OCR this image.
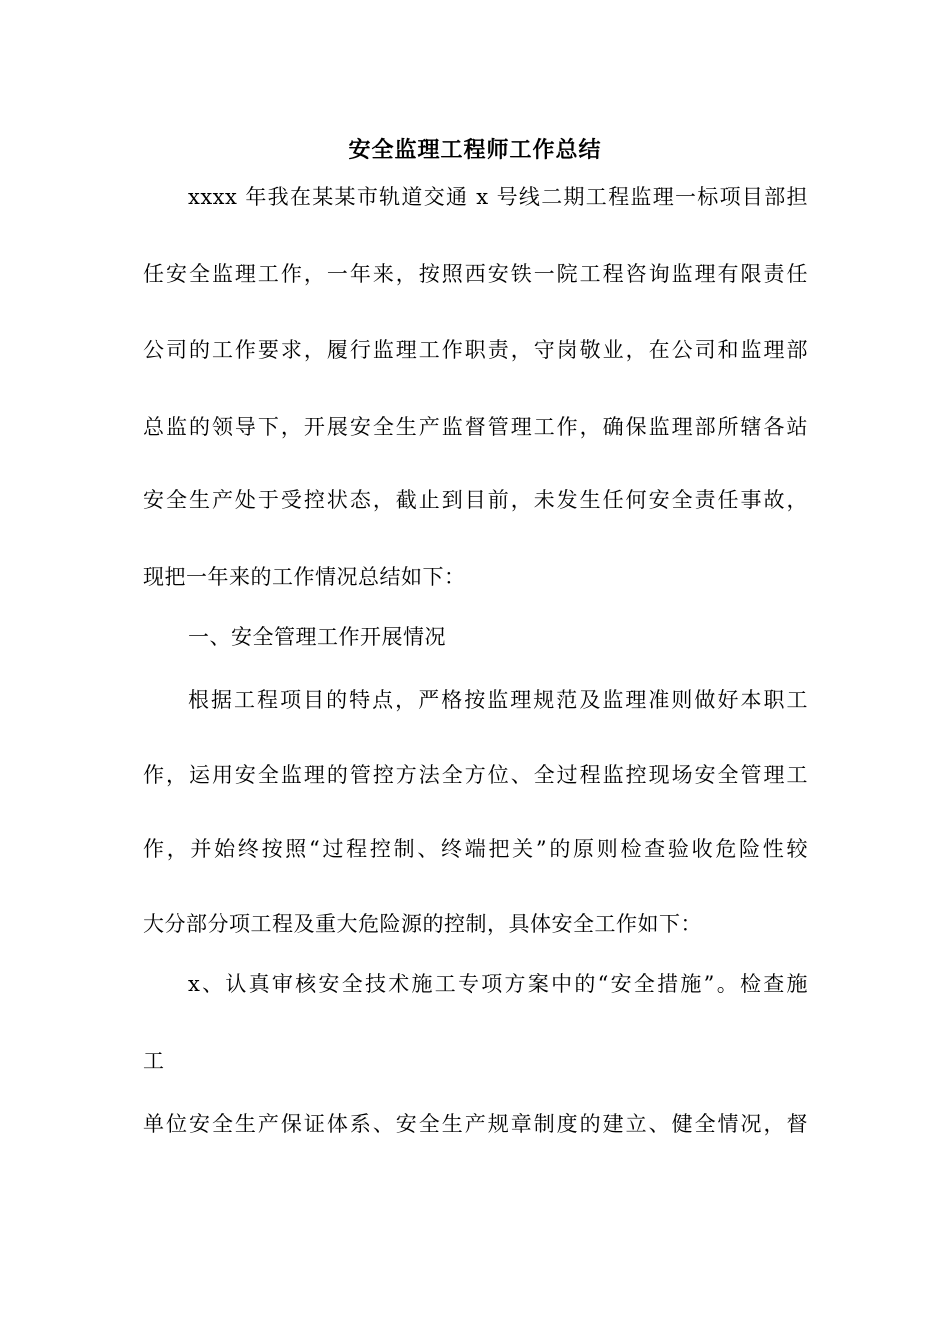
安全监理工程师工作总结
xxxx 年我在某某市轨道交通 x 号线二期工程监理一标项目部担
任安全监理工作，一年来，按照西安铁一院工程咨询监理有限责任
公司的工作要求，履行监理工作职责，守岗敬业，在公司和监理部
总监的领导下，开展安全生产监督管理工作，确保监理部所辖各站
安全生产处于受控状态，截止到目前，未发生任何安全责任事故，
现把一年来的工作情况总结如下：
一、安全管理工作开展情况
根据工程项目的特点，严格按监理规范及监理准则做好本职工
作，运用安全监理的管控方法全方位、全过程监控现场安全管理工
作，并始终按照“过程控制、终端把关”的原则检查验收危险性较
大分部分项工程及重大危险源的控制，具体安全工作如下：
x、认真审核安全技术施工专项方案中的“安全措施”。检查施
工
单位安全生产保证体系、安全生产规章制度的建立、健全情况，督
